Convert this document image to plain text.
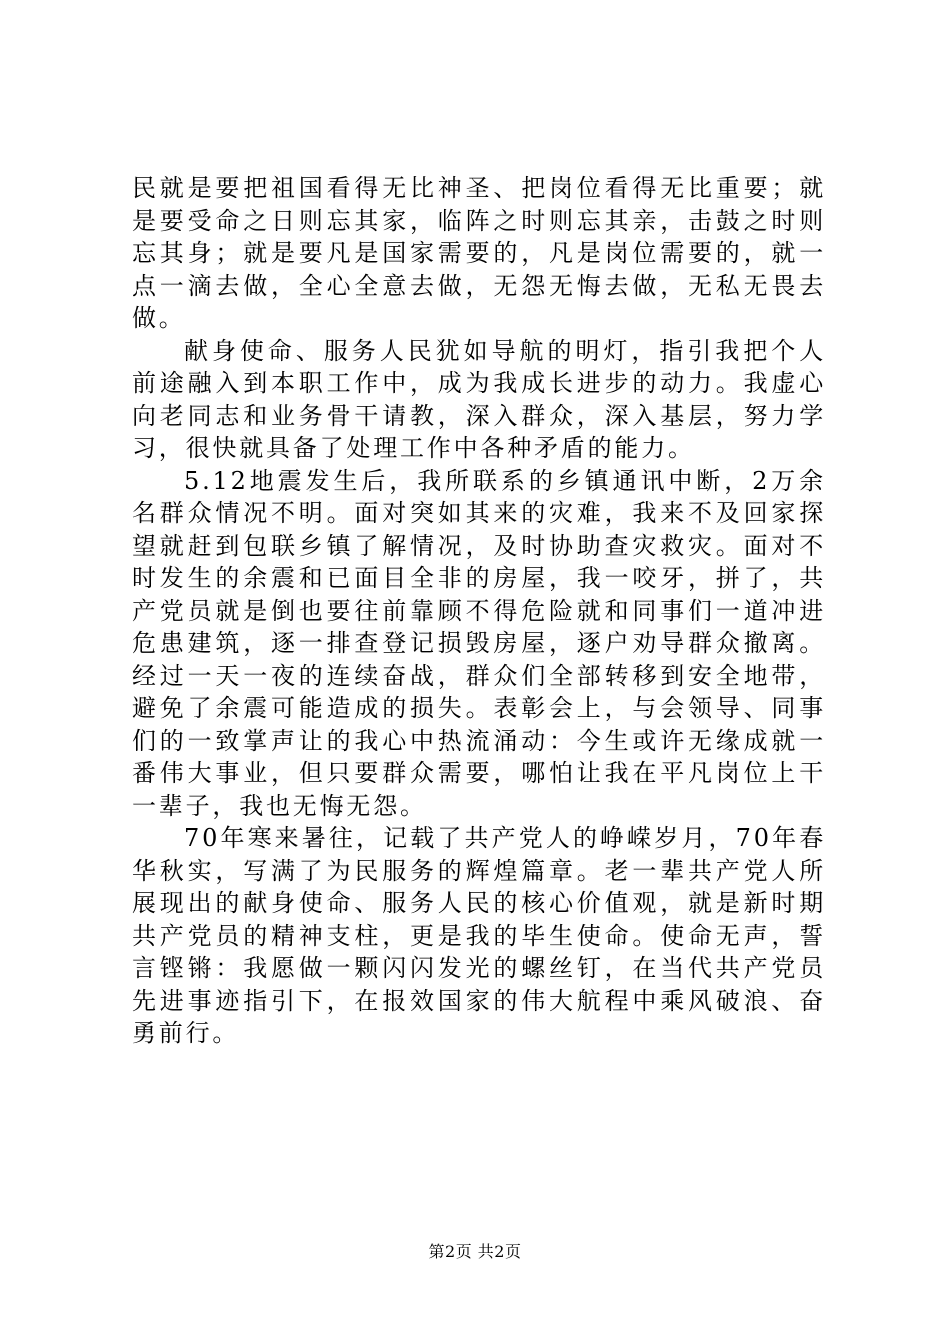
民就是要把祖国看得无比神圣、把岗位看得无比重要；就是要受命之日则忘其家，临阵之时则忘其亲，击鼓之时则忘其身；就是要凡是国家需要的，凡是岗位需要的，就一点一滴去做，全心全意去做，无怨无悔去做，无私无畏去做。

献身使命、服务人民犹如导航的明灯，指引我把个人前途融入到本职工作中，成为我成长进步的动力。我虚心向老同志和业务骨干请教，深入群众，深入基层，努力学习，很快就具备了处理工作中各种矛盾的能力。

5.12地震发生后，我所联系的乡镇通讯中断，2万余名群众情况不明。面对突如其来的灾难，我来不及回家探望就赶到包联乡镇了解情况，及时协助查灾救灾。面对不时发生的余震和已面目全非的房屋，我一咬牙，拼了，共产党员就是倒也要往前靠顾不得危险就和同事们一道冲进危患建筑，逐一排查登记损毁房屋，逐户劝导群众撤离。经过一天一夜的连续奋战，群众们全部转移到安全地带，避免了余震可能造成的损失。表彰会上，与会领导、同事们的一致掌声让的我心中热流涌动：今生或许无缘成就一番伟大事业，但只要群众需要，哪怕让我在平凡岗位上干一辈子，我也无悔无怨。

70年寒来暑往，记载了共产党人的峥嵘岁月，70年春华秋实，写满了为民服务的辉煌篇章。老一辈共产党人所展现出的献身使命、服务人民的核心价值观，就是新时期共产党员的精神支柱，更是我的毕生使命。使命无声，誓言铿锵：我愿做一颗闪闪发光的螺丝钉，在当代共产党员先进事迹指引下，在报效国家的伟大航程中乘风破浪、奋勇前行。

第2页 共2页
